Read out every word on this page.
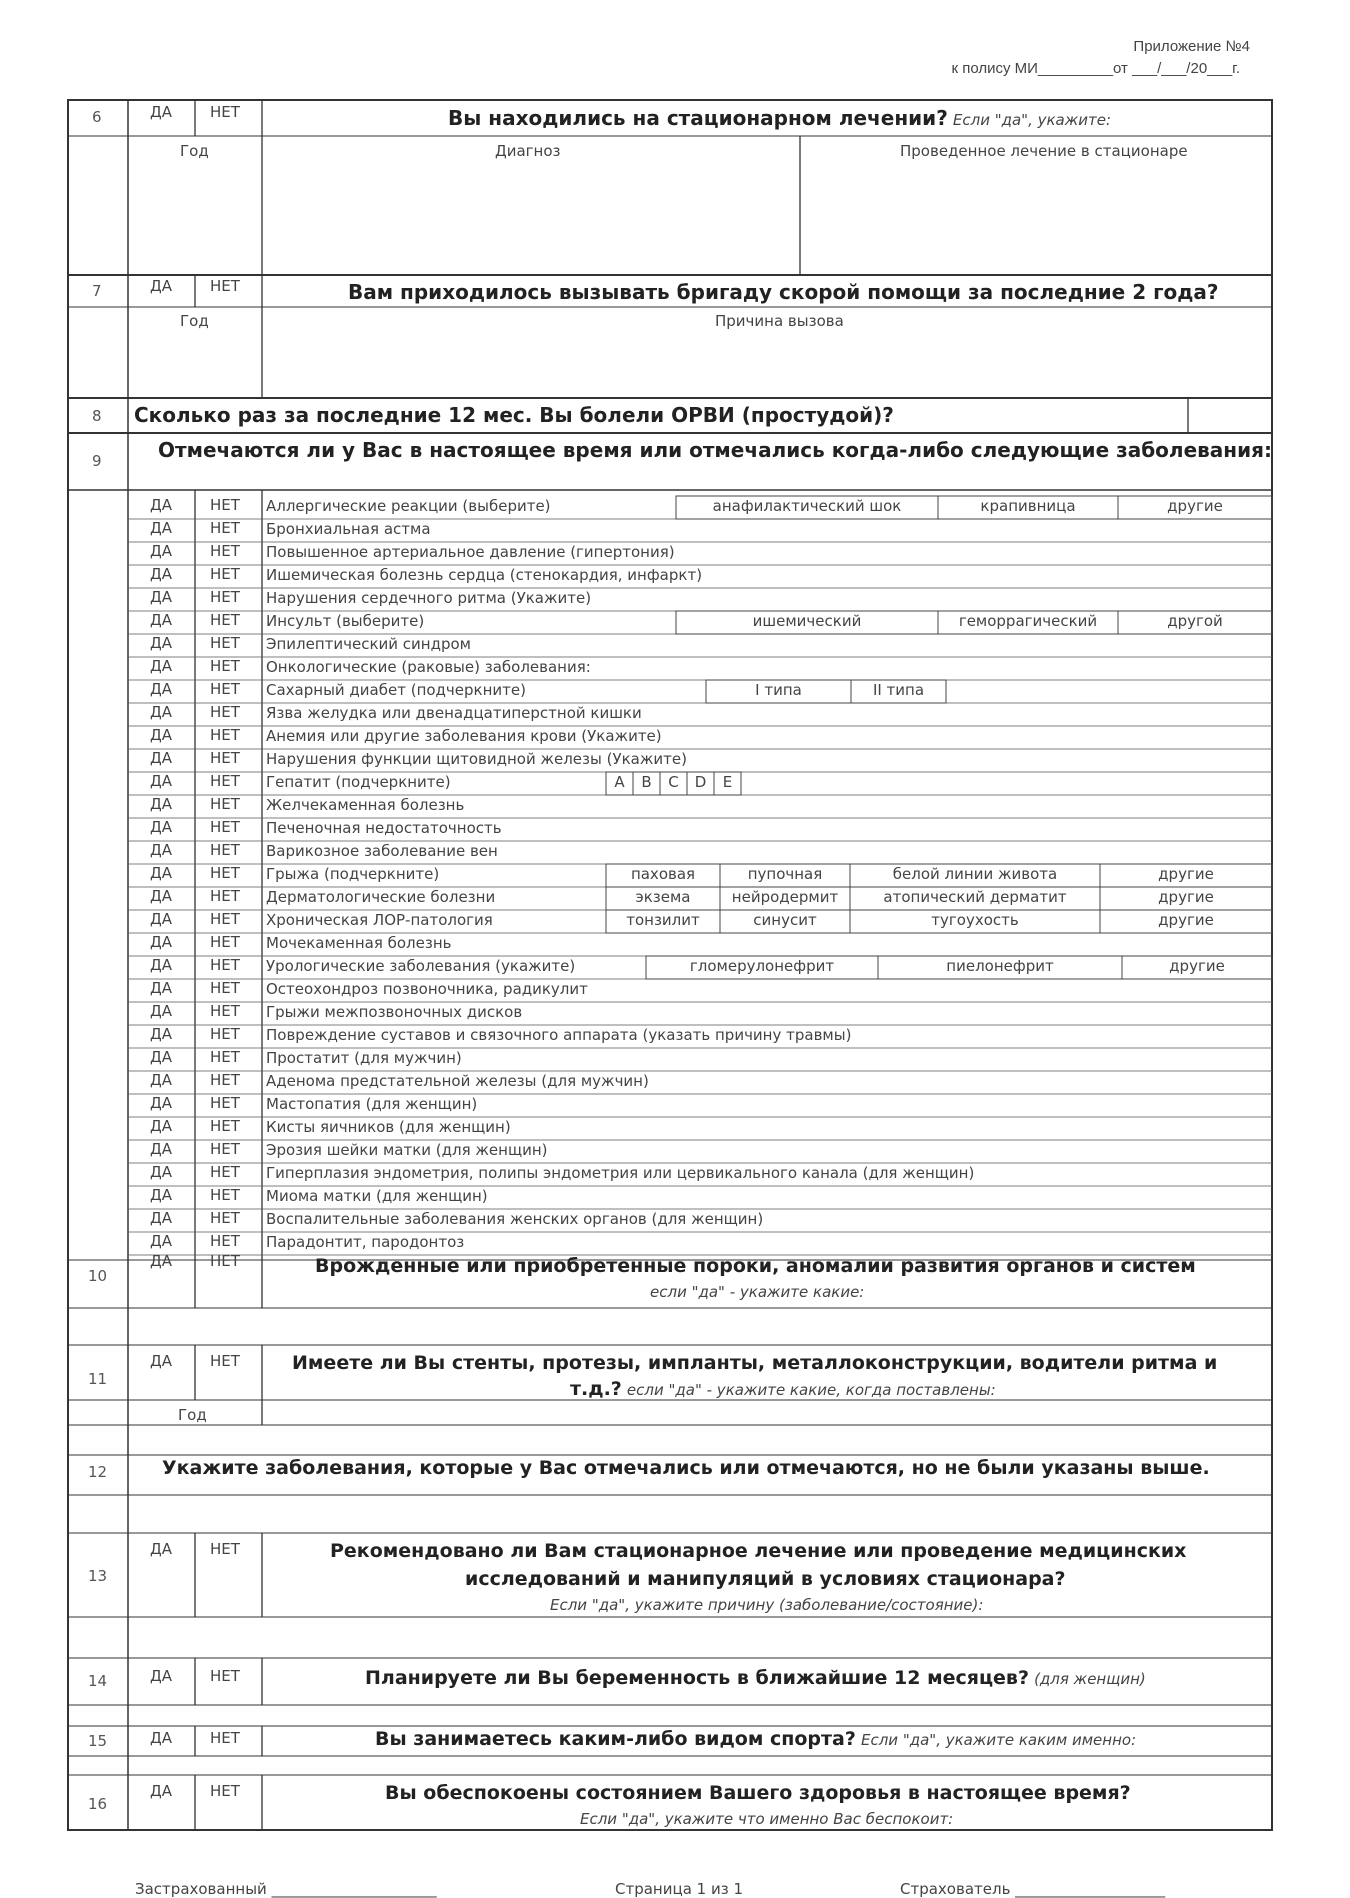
Приложение №4
к полису МИ_________от ___/___/20___г.
6	ДА	НЕТ	Вы находились на стационарном лечении? Если "да", укажите:
Год	Диагноз	Проведенное лечение в стационаре
7	ДА	НЕТ	Вам приходилось вызывать бригаду скорой помощи за последние 2 года?
Год	Причина вызова
8 Сколько раз за последние 12 мес. Вы болели ОРВИ (простудой)?
9	Отмечаются ли у Вас в настоящее время или отмечались когда-либо следующие заболевания:
ДА	НЕТ Аллергические реакции (выберите)	анафилактический шок	крапивница	другие
ДА	НЕТ Бронхиальная астма
ДА	НЕТ Повышенное артериальное давление (гипертония)
ДА	НЕТ Ишемическая болезнь сердца (стенокардия, инфаркт)
ДА	НЕТ Нарушения сердечного ритма (Укажите)
ДА	НЕТ Инсульт (выберите)	ишемический	геморрагический	другой
ДА	НЕТ Эпилептический синдром
ДА	НЕТ Онкологические (раковые) заболевания:
ДА	НЕТ Сахарный диабет (подчеркните)	I типа	II типа
ДА	НЕТ Язва желудка или двенадцатиперстной кишки
ДА	НЕТ Анемия или другие заболевания крови (Укажите)
ДА	НЕТ Нарушения функции щитовидной железы (Укажите)
ДА	НЕТ Гепатит (подчеркните)	A	B	C	D	E
ДА	НЕТ Желчекаменная болезнь
ДА	НЕТ Печеночная недостаточность
ДА	НЕТ Варикозное заболевание вен
ДА	НЕТ Грыжа (подчеркните)	паховая	пупочная	белой линии живота	другие
ДА	НЕТ Дерматологические болезни	экзема	нейродермит	атопический дерматит	другие
ДА	НЕТ Хроническая ЛОР-патология	тонзилит	синусит	тугоухость	другие
ДА	НЕТ Мочекаменная болезнь
ДА	НЕТ Урологические заболевания (укажите)	гломерулонефрит	пиелонефрит	другие
ДА	НЕТ Остеохондроз позвоночника, радикулит
ДА	НЕТ Грыжи межпозвоночных дисков
ДА	НЕТ Повреждение суставов и связочного аппарата (указать причину травмы)
ДА	НЕТ Простатит (для мужчин)
ДА	НЕТ Аденома предстательной железы (для мужчин)
ДА	НЕТ Мастопатия (для женщин)
ДА	НЕТ Кисты яичников (для женщин)
ДА	НЕТ Эрозия шейки матки (для женщин)
ДА	НЕТ Гиперплазия эндометрия, полипы эндометрия или цервикального канала (для женщин)
ДА	НЕТ Миома матки (для женщин)
ДА	НЕТ Воспалительные заболевания женских органов (для женщин)
ДА	НЕТ Парадонтит, пародонтоз
10
ДА	НЕТ	Врожденные или приобретенные пороки, аномалии развития органов и систем
если "да" - укажите какие:
11
ДА	НЕТ	Имеете ли Вы стенты, протезы, импланты, металлоконструкции, водители ритма и
т.д.? если "да" - укажите какие, когда поставлены:
Год
12	Укажите заболевания, которые у Вас отмечались или отмечаются, но не были указаны выше.
13
ДА	НЕТ	Рекомендовано ли Вам стационарное лечение или проведение медицинских
исследований и манипуляций в условиях стационара?
Если "да", укажите причину (заболевание/состояние):
14	ДА	НЕТ	Планируете ли Вы беременность в ближайшие 12 месяцев? (для женщин)
15	ДА	НЕТ	Вы занимаетесь каким-либо видом спорта? Если "да", укажите каким именно:
16
ДА	НЕТ	Вы обеспокоены состоянием Вашего здоровья в настоящее время?
Если "да", укажите что именно Вас беспокоит:
Застрахованный ______________________	Страница 1 из 1	Страхователь ____________________
